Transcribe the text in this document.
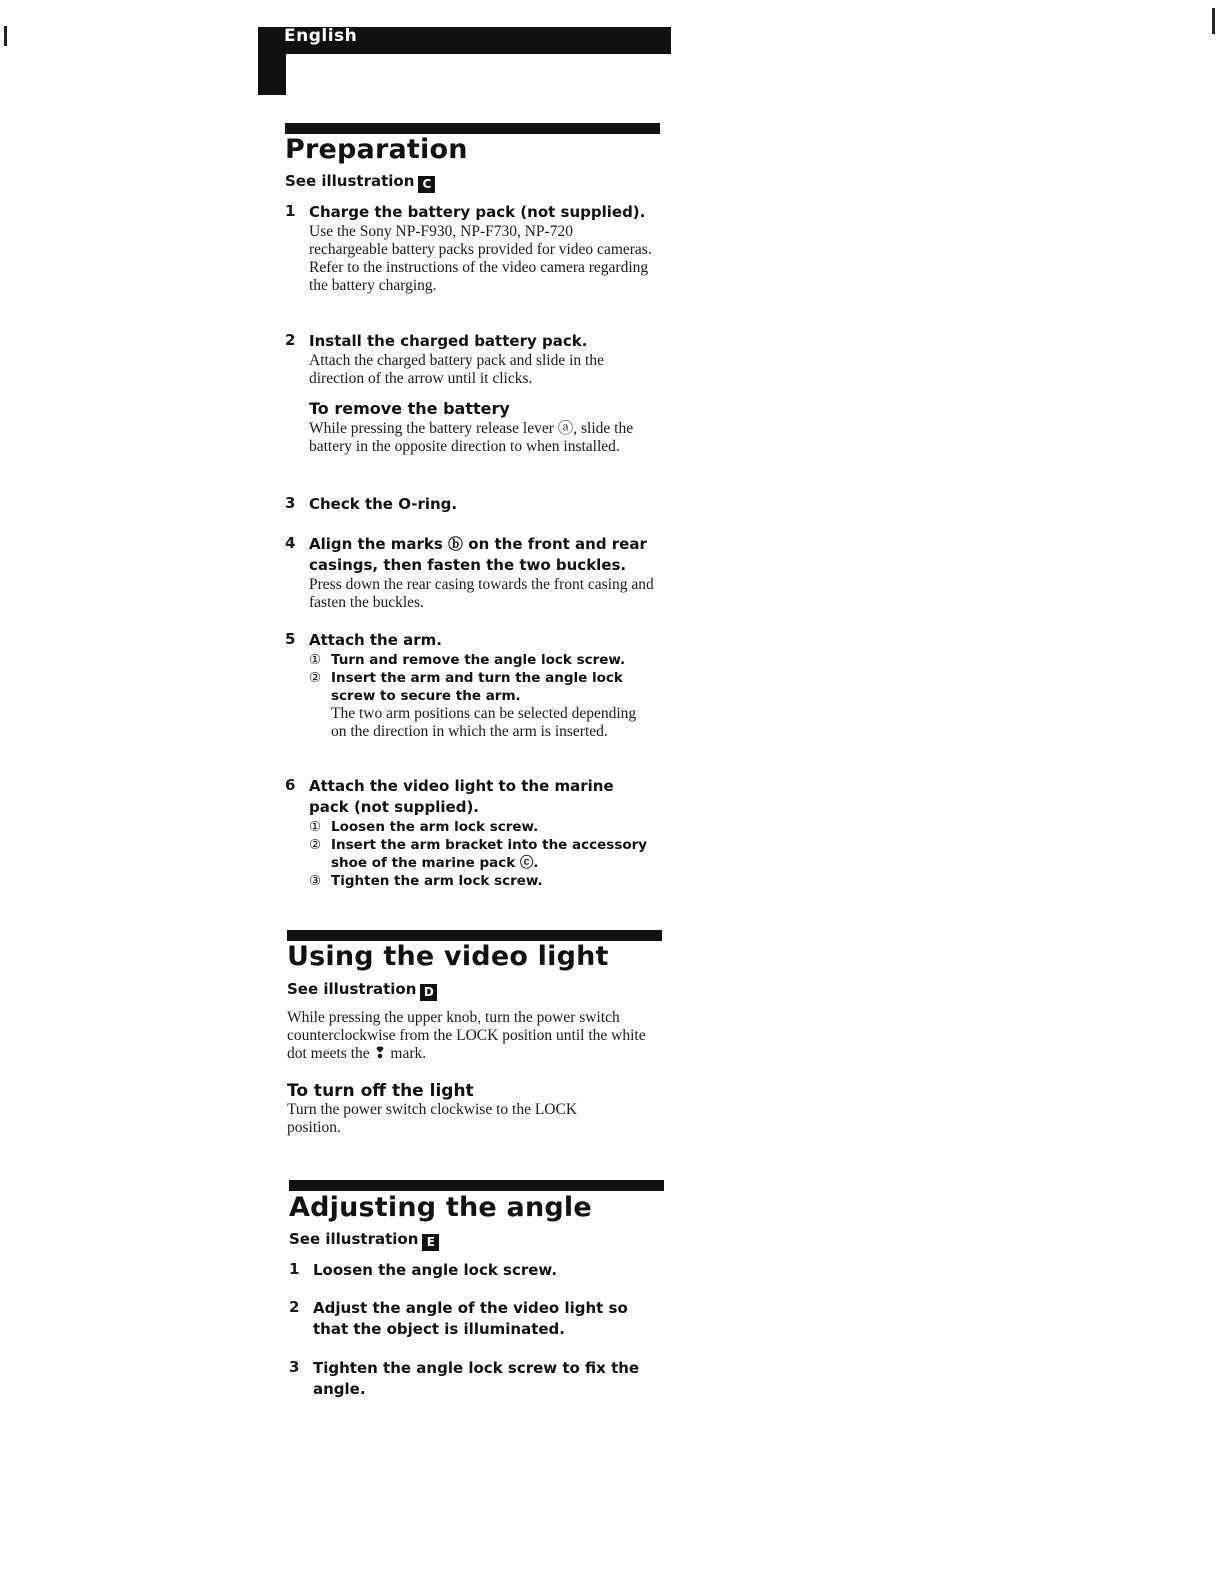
English
Preparation
See illustration C
1 Charge the battery pack (not supplied).
Use the Sony NP-F930, NP-F730, NP-720 rechargeable battery packs provided for video cameras.
Refer to the instructions of the video camera regarding the battery charging.
2 Install the charged battery pack.
Attach the charged battery pack and slide in the direction of the arrow until it clicks.
To remove the battery
While pressing the battery release lever ⓐ, slide the battery in the opposite direction to when installed.
3 Check the O-ring.
4 Align the marks ⓑ on the front and rear casings, then fasten the two buckles.
Press down the rear casing towards the front casing and fasten the buckles.
5 Attach the arm.
① Turn and remove the angle lock screw.
② Insert the arm and turn the angle lock screw to secure the arm.
The two arm positions can be selected depending on the direction in which the arm is inserted.
6 Attach the video light to the marine pack (not supplied).
① Loosen the arm lock screw.
② Insert the arm bracket into the accessory shoe of the marine pack ⓒ.
③ Tighten the arm lock screw.
Using the video light
See illustration D
While pressing the upper knob, turn the power switch counterclockwise from the LOCK position until the white dot meets the ❢ mark.
To turn off the light
Turn the power switch clockwise to the LOCK position.
Adjusting the angle
See illustration E
1 Loosen the angle lock screw.
2 Adjust the angle of the video light so that the object is illuminated.
3 Tighten the angle lock screw to fix the angle.
